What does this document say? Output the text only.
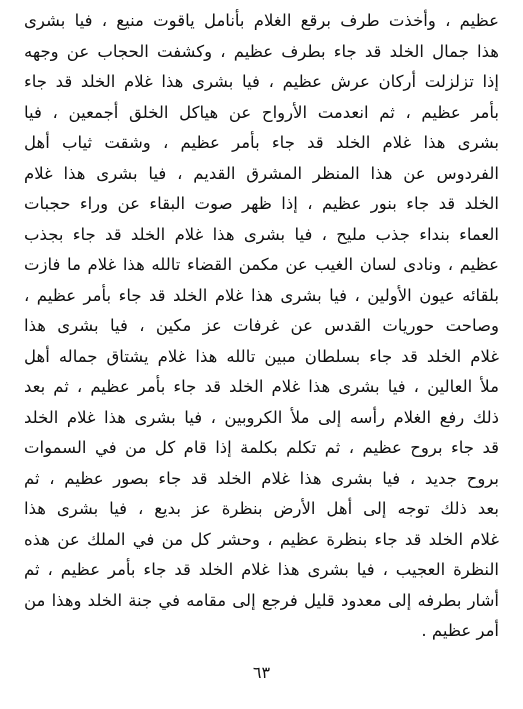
عظيم ، وأخذت طرف برقع الغلام بأنامل ياقوت منيع ، فيا بشرى
هذا جمال الخلد قد جاء بطرف عظيم ، وكشفت الحجاب عن وجهه
إذا تزلزلت أركان عرش عظيم ، فيا بشرى هذا غلام الخلد قد جاء
بأمر عظيم ، ثم انعدمت الأرواح عن هياكل الخلق أجمعين ، فيا
بشرى هذا غلام الخلد قد جاء بأمر عظيم ، وشقت ثياب أهل
الفردوس عن هذا المنظر المشرق القديم ، فيا بشرى هذا غلام
الخلد قد جاء بنور عظيم ، إذا ظهر صوت البقاء عن وراء حجبات
العماء بنداء جذب مليح ، فيا بشرى هذا غلام الخلد قد جاء بجذب
عظيم ، ونادى لسان الغيب عن مكمن القضاء تالله هذا غلام ما فازت
بلقائه عيون الأولين ، فيا بشرى هذا غلام الخلد قد جاء بأمر عظيم ،
وصاحت حوريات القدس عن غرفات عز مكين ، فيا بشرى هذا
غلام الخلد قد جاء بسلطان مبين تالله هذا غلام يشتاق جماله أهل
ملأ العالين ، فيا بشرى هذا غلام الخلد قد جاء بأمر عظيم ، ثم بعد
ذلك رفع الغلام رأسه إلى ملأ الكروبين ، فيا بشرى هذا غلام الخلد
قد جاء بروح عظيم ، ثم تكلم بكلمة إذا قام كل من في السموات
بروح جديد ، فيا بشرى هذا غلام الخلد قد جاء بصور عظيم ، ثم
بعد ذلك توجه إلى أهل الأرض بنظرة عز بديع ، فيا بشرى هذا
غلام الخلد قد جاء بنظرة عظيم ، وحشر كل من في الملك عن هذه
النظرة العجيب ، فيا بشرى هذا غلام الخلد قد جاء بأمر عظيم ، ثم
أشار بطرفه إلى معدود قليل فرجع إلى مقامه في جنة الخلد وهذا من
أمر عظيم .
٦٣
